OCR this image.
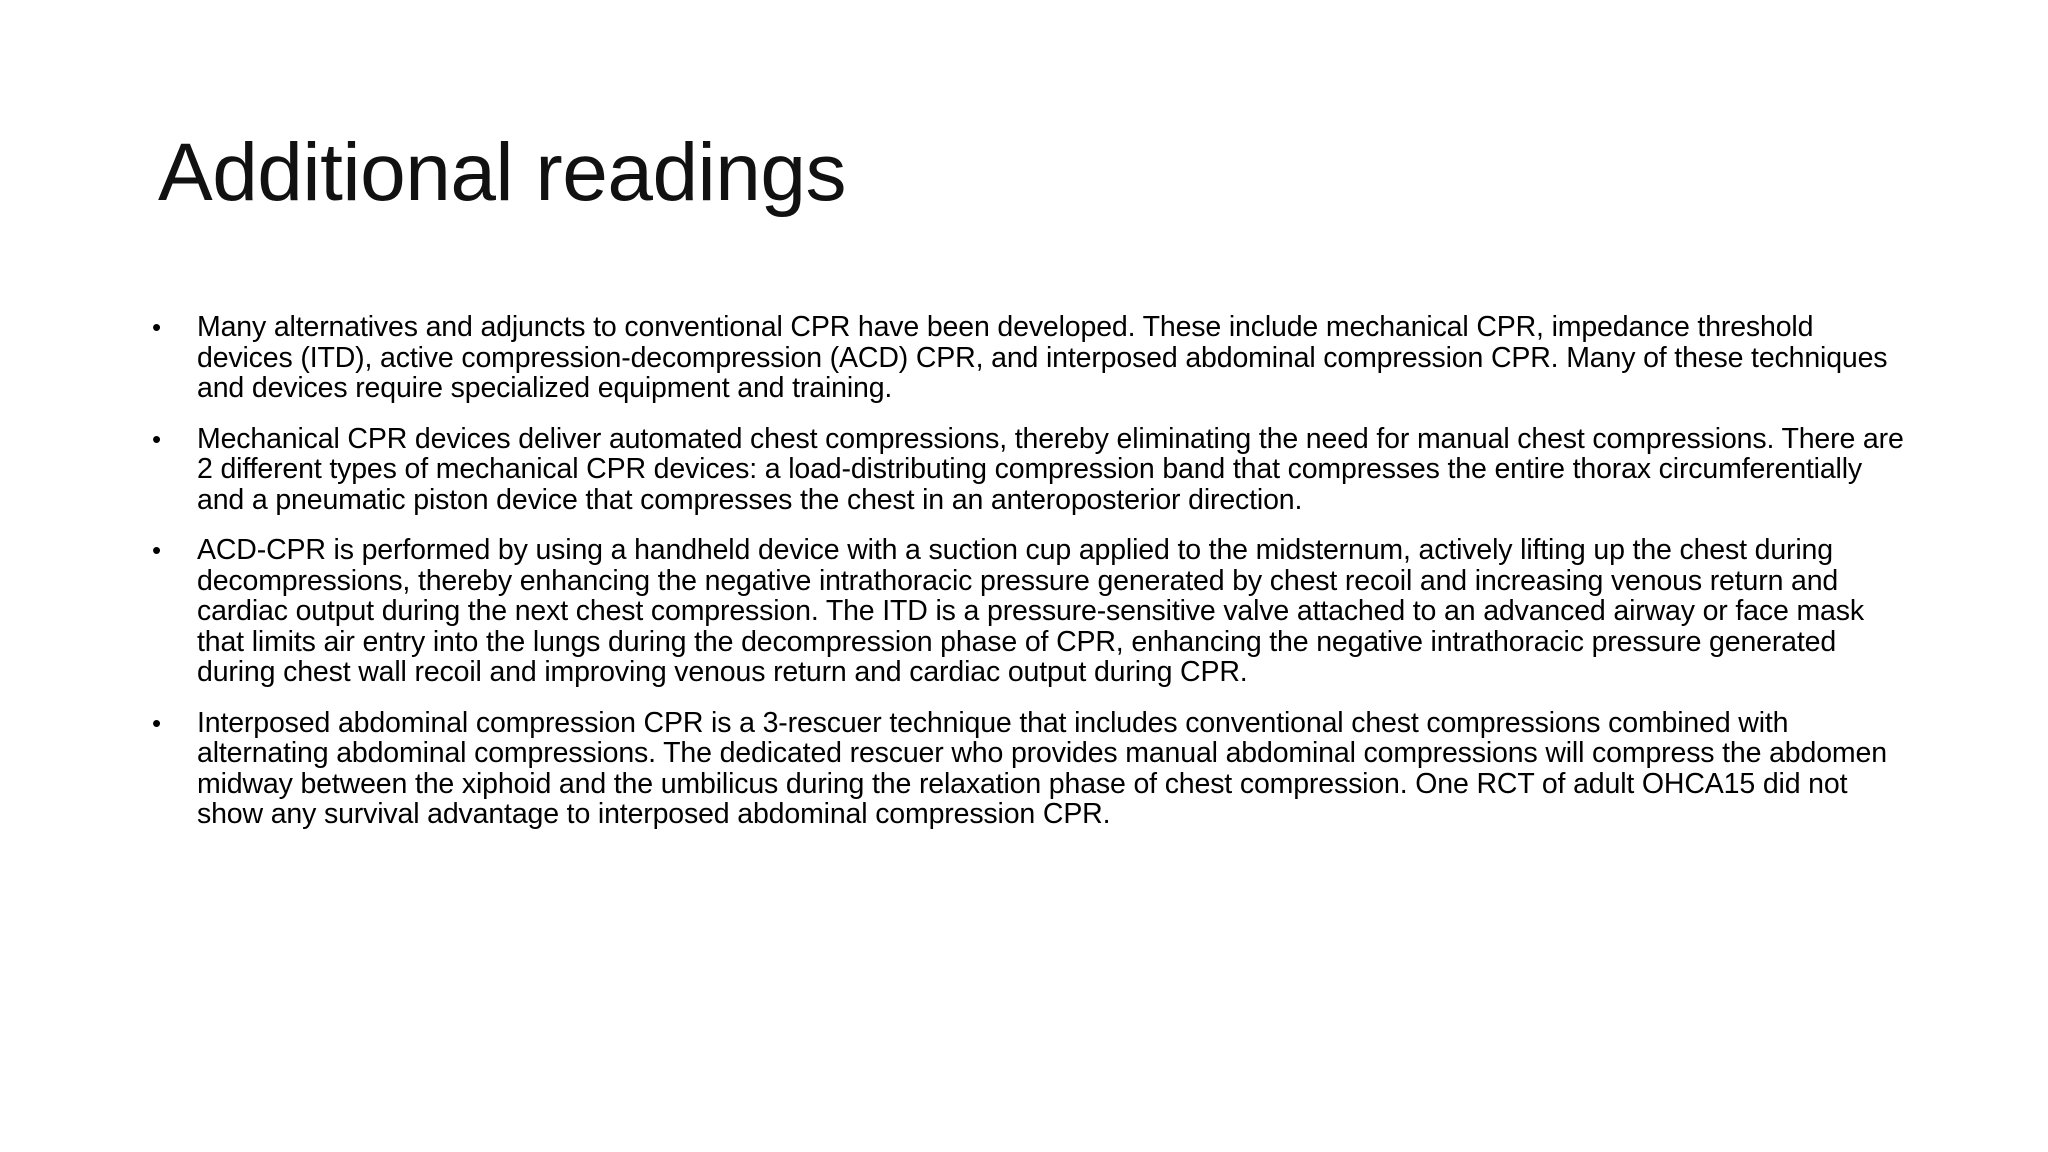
Additional readings
•	Many alternatives and adjuncts to conventional CPR have been developed. These include mechanical CPR, impedance threshold devices (ITD), active compression-decompression (ACD) CPR, and interposed abdominal compression CPR. Many of these techniques and devices require specialized equipment and training.
•	Mechanical CPR devices deliver automated chest compressions, thereby eliminating the need for manual chest compressions. There are 2 different types of mechanical CPR devices: a load-distributing compression band that compresses the entire thorax circumferentially and a pneumatic piston device that compresses the chest in an anteroposterior direction.
•	ACD-CPR is performed by using a handheld device with a suction cup applied to the midsternum, actively lifting up the chest during decompressions, thereby enhancing the negative intrathoracic pressure generated by chest recoil and increasing venous return and cardiac output during the next chest compression. The ITD is a pressure-sensitive valve attached to an advanced airway or face mask that limits air entry into the lungs during the decompression phase of CPR, enhancing the negative intrathoracic pressure generated during chest wall recoil and improving venous return and cardiac output during CPR.
•	Interposed abdominal compression CPR is a 3-rescuer technique that includes conventional chest compressions combined with alternating abdominal compressions. The dedicated rescuer who provides manual abdominal compressions will compress the abdomen midway between the xiphoid and the umbilicus during the relaxation phase of chest compression. One RCT of adult OHCA15 did not show any survival advantage to interposed abdominal compression CPR.
